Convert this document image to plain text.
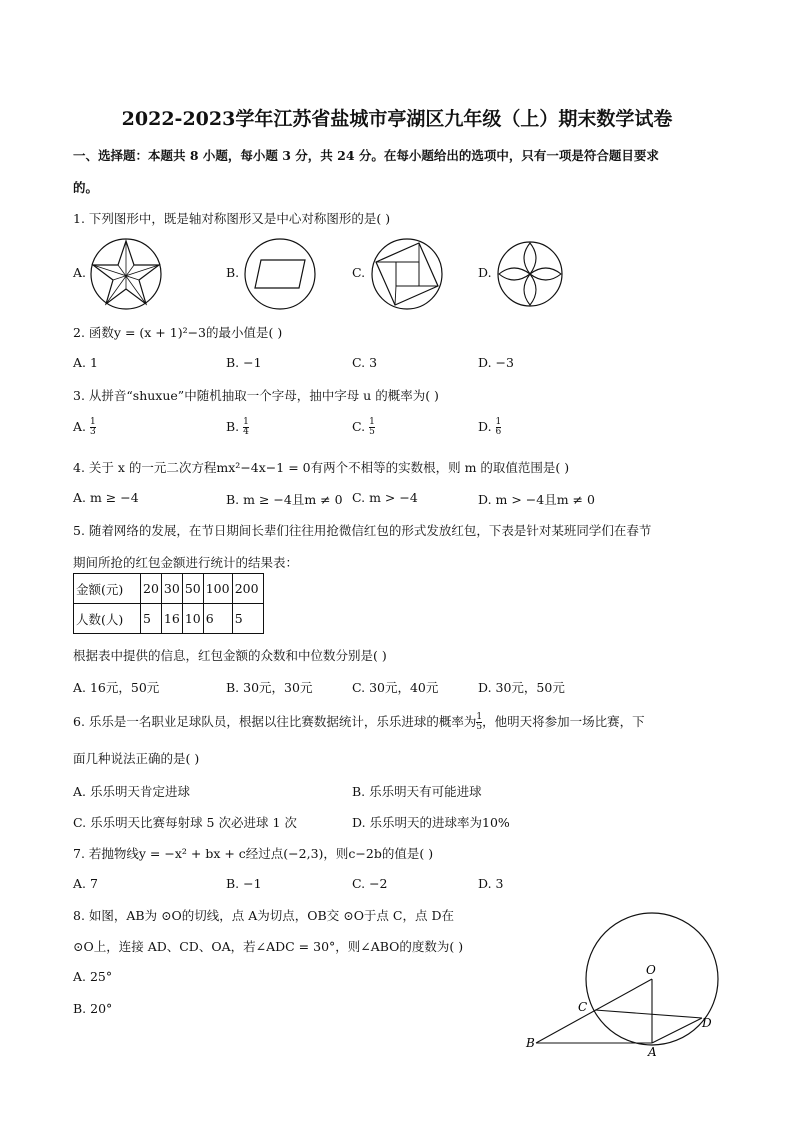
2022-2023学年江苏省盐城市亭湖区九年级（上）期末数学试卷
一、选择题：本题共 8 小题，每小题 3 分，共 24 分。在每小题给出的选项中，只有一项是符合题目要求
的。
1. 下列图形中，既是轴对称图形又是中心对称图形的是( )
A.	B.	C.	D.
2. 函数y = (x + 1)²−3的最小值是( )
A. 1	B. −1	C. 3	D. −3
3. 从拼音“shuxue”中随机抽取一个字母，抽中字母 u 的概率为( )
A. $\frac{1}{3}$	B. $\frac{1}{4}$	C. $\frac{1}{5}$	D. $\frac{1}{6}$
4. 关于 x 的一元二次方程mx²−4x−1 = 0有两个不相等的实数根，则 m 的取值范围是( )
A. m ≥ −4	B. m ≥ −4且m ≠ 0 C. m > −4	D. m > −4且m ≠ 0
5. 随着网络的发展，在节日期间长辈们往往用抢微信红包的形式发放红包，下表是针对某班同学们在春节
期间所抢的红包金额进行统计的结果表：
金额(元)	20	30	50	100	200
人数(人)	5	16	10	6	5
根据表中提供的信息，红包金额的众数和中位数分别是( )
A. 16元，50元	B. 30元，30元	C. 30元，40元	D. 30元，50元
6. 乐乐是一名职业足球队员，根据以往比赛数据统计，乐乐进球的概率为 $\frac{1}{5}$ ，他明天将参加一场比赛，下
面几种说法正确的是( )
A. 乐乐明天肯定进球	B. 乐乐明天有可能进球
C. 乐乐明天比赛每射球 5 次必进球 1 次	D. 乐乐明天的进球率为10%
7. 若抛物线y = −x² + bx + c经过点(−2,3)，则c−2b的值是( )
A. 7	B. −1	C. −2	D. 3
8. 如图，AB为 ⊙O的切线，点 A为切点，OB交 ⊙O于点 C，点 D在
⊙O上，连接 AD、CD、OA，若∠ADC = 30°，则∠ABO的度数为( )
A. 25°
B. 20°
O
C
D
B
A
